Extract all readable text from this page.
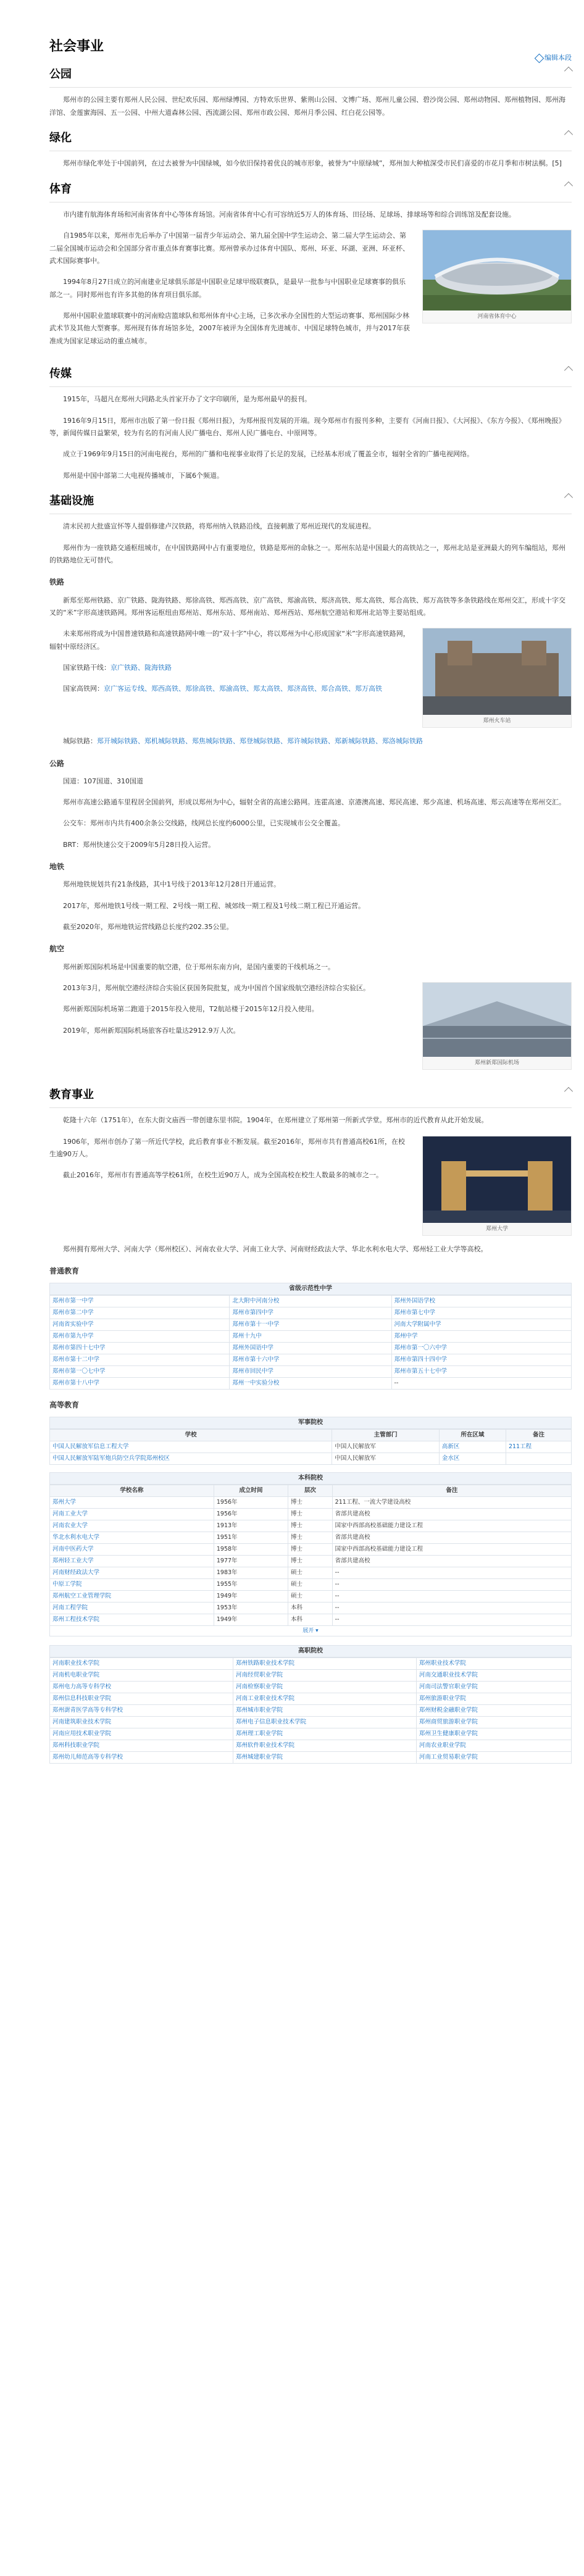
社会事业
编辑本段
公园

郑州市的公园主要有郑州人民公园、世纪欢乐园、郑州绿博园、方特欢乐世界、紫荆山公园、文博广场、郑州儿童公园、碧沙岗公园、郑州动物园、郑州植物园、郑州海洋馆、金莲蜜海园、五一公园、中州大道森林公园、西流湖公园、郑州市政公园、郑州月季公园、红白花公园等。

绿化

郑州市绿化率处于中国前列，在过去被誉为中国绿城，如今依旧保持着优良的城市形象，被誉为“中原绿城”，郑州加大种植深受市民们喜爱的市花月季和市树法桐。[5]

体育

市内建有航海体育场和河南省体育中心等体育场馆。河南省体育中心有可容纳近5万人的体育场、田径场、足球场、排球场等和综合训练馆及配套设施。

河南省体育中心

自1985年以来，郑州市先后举办了中国第一届青少年运动会、第九届全国中学生运动会、第二届大学生运动会、第二届全国城市运动会和全国部分省市重点体育赛事比赛。郑州曾承办过体育中国队、郑州、环亚、环湖、亚洲、环亚杯、武术国际赛事中。

1994年8月27日成立的河南建业足球俱乐部是中国职业足球甲级联赛队，是最早一批参与中国职业足球赛事的俱乐部之一。同时郑州也有许多其他的体育项目俱乐部。

郑州中国职业篮球联赛中的河南赊店篮球队和郑州体育中心主场，已多次承办全国性的大型运动赛事、郑州国际少林武术节及其他大型赛事。郑州现有体育场馆多处，2007年被评为全国体育先进城市、中国足球特色城市，并与2017年获准成为国家足球运动的重点城市。

传媒

1915年，马超凡在郑州大同路北头首家开办了文字印刷所，是为郑州最早的报刊。

1916年9月15日，郑州市出版了第一份日报《郑州日报》，为郑州报刊发展的开端。现今郑州市有报刊多种，主要有《河南日报》、《大河报》、《东方今报》、《郑州晚报》等，新闻传媒日益繁荣，较为有名的有河南人民广播电台、郑州人民广播电台、中原网等。

成立于1969年9月15日的河南电视台，郑州的广播和电视事业取得了长足的发展，已经基本形成了覆盖全市，辐射全省的广播电视网络。

郑州是中国中部第二大电视传播城市，下属6个频道。

基础设施

清末民初大批盛宣怀等人提倡修建卢汉铁路，将郑州纳入铁路沿线，直接刺激了郑州近现代的发展进程。

郑州作为一座铁路交通枢纽城市，在中国铁路网中占有重要地位，铁路是郑州的命脉之一。郑州东站是中国最大的高铁站之一，郑州北站是亚洲最大的列车编组站，郑州的铁路地位无可替代。

铁路

新郑至郑州铁路、京广铁路、陇海铁路、郑徐高铁、郑西高铁、京广高铁、郑渝高铁、郑济高铁、郑太高铁、郑合高铁、郑万高铁等多条铁路线在郑州交汇，形成十字交叉的“米”字形高速铁路网。郑州客运枢纽由郑州站、郑州东站、郑州南站、郑州西站、郑州航空港站和郑州北站等主要站组成。

郑州火车站

未来郑州将成为中国普速铁路和高速铁路网中唯一的“双十字”中心，将以郑州为中心形成国家“米”字形高速铁路网，辐射中原经济区。

国家铁路干线：京广铁路、陇海铁路

国家高铁网：京广客运专线、郑西高铁、郑徐高铁、郑渝高铁、郑太高铁、郑济高铁、郑合高铁、郑万高铁

城际铁路：郑开城际铁路、郑机城际铁路、郑焦城际铁路、郑登城际铁路、郑许城际铁路、郑新城际铁路、郑洛城际铁路

公路

国道：107国道、310国道

郑州市高速公路通车里程居全国前列，形成以郑州为中心，辐射全省的高速公路网。连霍高速、京港澳高速、郑民高速、郑少高速、机场高速、郑云高速等在郑州交汇。

公交车：郑州市内共有400余条公交线路，线网总长度约6000公里，已实现城市公交全覆盖。

BRT：郑州快速公交于2009年5月28日投入运营。

地铁

郑州地铁规划共有21条线路，其中1号线于2013年12月28日开通运营。

2017年，郑州地铁1号线一期工程、2号线一期工程、城郊线一期工程及1号线二期工程已开通运营。

截至2020年，郑州地铁运营线路总长度约202.35公里。

航空

郑州新郑国际机场是中国重要的航空港，位于郑州东南方向，是国内重要的干线机场之一。

郑州新郑国际机场

2013年3月，郑州航空港经济综合实验区获国务院批复，成为中国首个国家级航空港经济综合实验区。

郑州新郑国际机场第二跑道于2015年投入使用，T2航站楼于2015年12月投入使用。

2019年，郑州新郑国际机场旅客吞吐量达2912.9万人次。

教育事业

乾隆十六年（1751年），在东大街文庙西一带创建东里书院。1904年，在郑州建立了郑州第一所新式学堂。郑州市的近代教育从此开始发展。

郑州大学

1906年，郑州市创办了第一所近代学校，此后教育事业不断发展。截至2016年，郑州市共有普通高校61所，在校生逾90万人。

截止2016年，郑州市有普通高等学校61所，在校生近90万人，成为全国高校在校生人数最多的城市之一。

郑州拥有郑州大学、河南大学（郑州校区）、河南农业大学、河南工业大学、河南财经政法大学、华北水利水电大学、郑州轻工业大学等高校。

普通教育
省级示范性中学
郑州市第一中学	北大附中河南分校	郑州外国语学校
郑州市第二中学	郑州市第四中学	郑州市第七中学
河南省实验中学	郑州市第十一中学	河南大学附属中学
郑州市第九中学	郑州十九中	郑州中学
郑州市第四十七中学	郑州外国语中学	郑州市第一〇六中学
郑州市第十二中学	郑州市第十六中学	郑州市第四十四中学
郑州市第一〇七中学	郑州市回民中学	郑州市第五十七中学
郑州市第十八中学	郑州一中实验分校	--
高等教育
军事院校
学校	主管部门	所在区域	备注
中国人民解放军信息工程大学	中国人民解放军	高新区	211工程
中国人民解放军陆军炮兵防空兵学院郑州校区	中国人民解放军	金水区	
本科院校
学校名称	成立时间	层次	备注
郑州大学	1956年	博士	211工程、一流大学建设高校
河南工业大学	1956年	博士	省部共建高校
河南农业大学	1913年	博士	国家中西部高校基础能力建设工程
华北水利水电大学	1951年	博士	省部共建高校
河南中医药大学	1958年	博士	国家中西部高校基础能力建设工程
郑州轻工业大学	1977年	博士	省部共建高校
河南财经政法大学	1983年	硕士	--
中原工学院	1955年	硕士	--
郑州航空工业管理学院	1949年	硕士	--
河南工程学院	1953年	本科	--
郑州工程技术学院	1949年	本科	--
展开 ▾
高职院校
河南职业技术学院	郑州铁路职业技术学院	郑州职业技术学院
河南机电职业学院	河南经贸职业学院	河南交通职业技术学院
郑州电力高等专科学校	河南检察职业学院	河南司法警官职业学院
郑州信息科技职业学院	河南工业职业技术学院	郑州旅游职业学院
郑州澍青医学高等专科学校	郑州城市职业学院	郑州财税金融职业学院
河南建筑职业技术学院	郑州电子信息职业技术学院	郑州商贸旅游职业学院
河南应用技术职业学院	郑州理工职业学院	郑州卫生健康职业学院
郑州科技职业学院	郑州软件职业技术学院	河南农业职业学院
郑州幼儿师范高等专科学校	郑州城建职业学院	河南工业贸易职业学院
